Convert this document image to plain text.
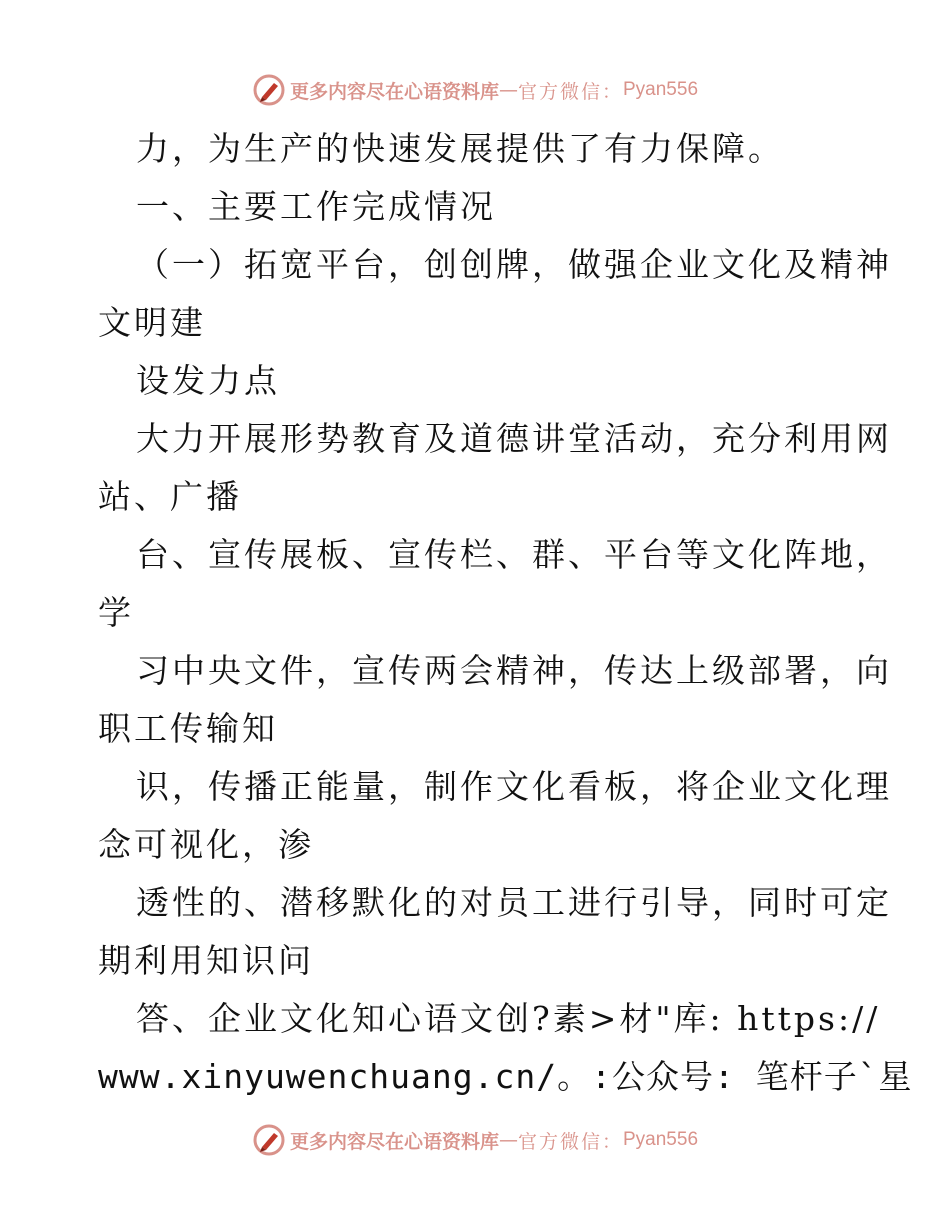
更多内容尽在心语资料库 — 官方微信： Pyan556
力，为生产的快速发展提供了有力保障。
一、主要工作完成情况
（一）拓宽平台，创创牌，做强企业文化及精神
文明建
设发力点
大力开展形势教育及道德讲堂活动，充分利用网
站、广播
台、宣传展板、宣传栏、群、平台等文化阵地，
学
习中央文件，宣传两会精神，传达上级部署，向
职工传输知
识，传播正能量，制作文化看板，将企业文化理
念可视化，渗
透性的、潜移默化的对员工进行引导，同时可定
期利用知识问
答、企业文化知心语文创?素>材"库: https://
www.xinyuwenchuang.cn/。:公众号: 笔杆子`星
更多内容尽在心语资料库 — 官方微信： Pyan556
